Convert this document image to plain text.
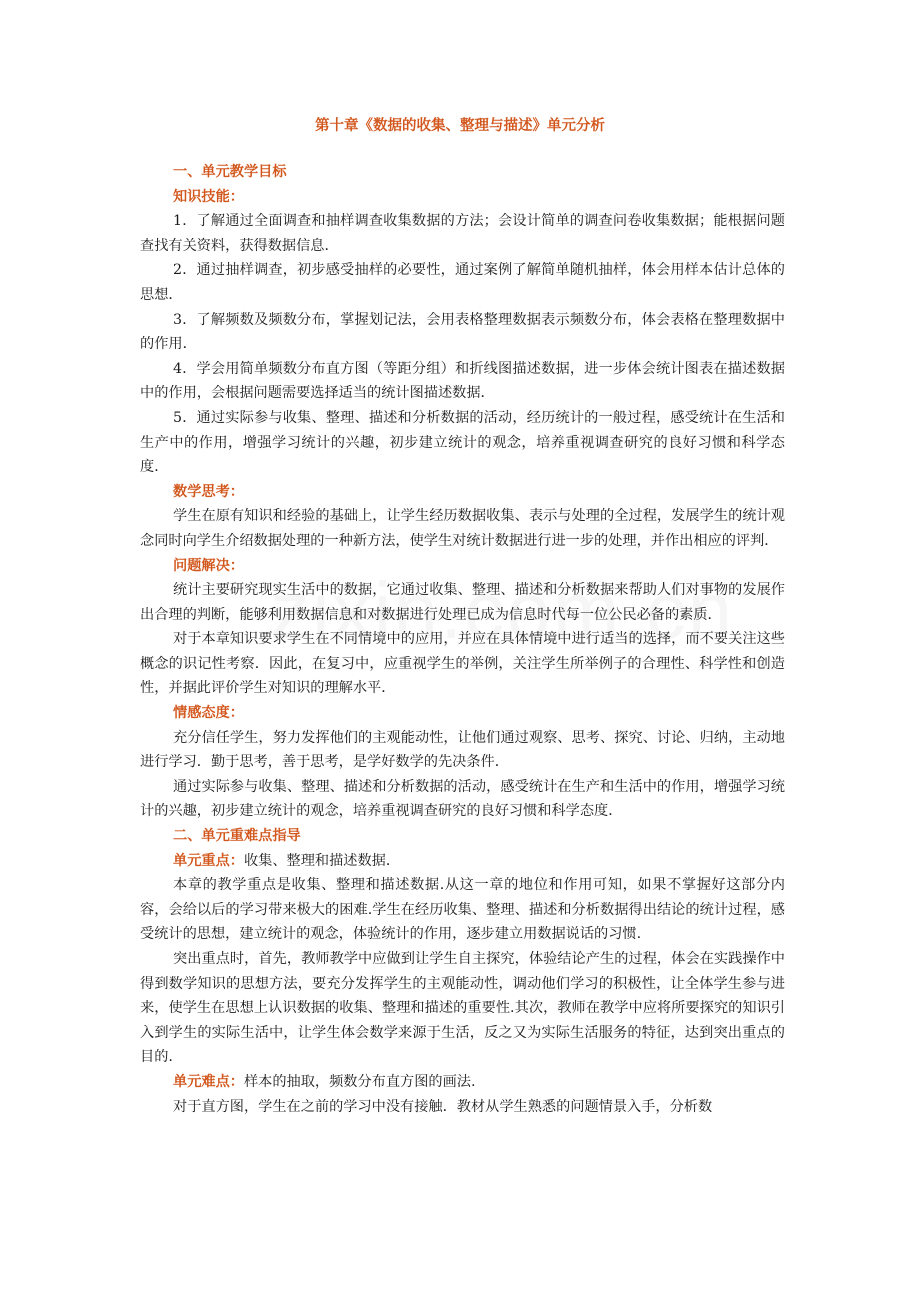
第十章《数据的收集、整理与描述》单元分析
一、单元教学目标
知识技能：

1．了解通过全面调查和抽样调查收集数据的方法；会设计简单的调查问卷收集数据；能根据问题查找有关资料，获得数据信息．

2．通过抽样调查，初步感受抽样的必要性，通过案例了解简单随机抽样，体会用样本估计总体的思想．

3．了解频数及频数分布，掌握划记法，会用表格整理数据表示频数分布，体会表格在整理数据中的作用．

4．学会用简单频数分布直方图（等距分组）和折线图描述数据，进一步体会统计图表在描述数据中的作用，会根据问题需要选择适当的统计图描述数据．

5．通过实际参与收集、整理、描述和分析数据的活动，经历统计的一般过程，感受统计在生活和生产中的作用，增强学习统计的兴趣，初步建立统计的观念，培养重视调查研究的良好习惯和科学态度．

数学思考：

学生在原有知识和经验的基础上，让学生经历数据收集、表示与处理的全过程，发展学生的统计观念同时向学生介绍数据处理的一种新方法，使学生对统计数据进行进一步的处理，并作出相应的评判．

问题解决：

统计主要研究现实生活中的数据，它通过收集、整理、描述和分析数据来帮助人们对事物的发展作出合理的判断，能够利用数据信息和对数据进行处理已成为信息时代每一位公民必备的素质．

对于本章知识要求学生在不同情境中的应用，并应在具体情境中进行适当的选择，而不要关注这些概念的识记性考察．因此，在复习中，应重视学生的举例，关注学生所举例子的合理性、科学性和创造性，并据此评价学生对知识的理解水平．

情感态度：

充分信任学生，努力发挥他们的主观能动性，让他们通过观察、思考、探究、讨论、归纳，主动地进行学习．勤于思考，善于思考，是学好数学的先决条件．

通过实际参与收集、整理、描述和分析数据的活动，感受统计在生产和生活中的作用，增强学习统计的兴趣，初步建立统计的观念，培养重视调查研究的良好习惯和科学态度．

二、单元重难点指导

单元重点：收集、整理和描述数据．

本章的教学重点是收集、整理和描述数据.从这一章的地位和作用可知，如果不掌握好这部分内容，会给以后的学习带来极大的困难.学生在经历收集、整理、描述和分析数据得出结论的统计过程，感受统计的思想，建立统计的观念，体验统计的作用，逐步建立用数据说话的习惯.

突出重点时，首先，教师教学中应做到让学生自主探究，体验结论产生的过程，体会在实践操作中得到数学知识的思想方法，要充分发挥学生的主观能动性，调动他们学习的积极性，让全体学生参与进来，使学生在思想上认识数据的收集、整理和描述的重要性.其次，教师在教学中应将所要探究的知识引入到学生的实际生活中，让学生体会数学来源于生活，反之又为实际生活服务的特征，达到突出重点的目的.

单元难点：样本的抽取，频数分布直方图的画法.

对于直方图，学生在之前的学习中没有接触．教材从学生熟悉的问题情景入手，分析数
